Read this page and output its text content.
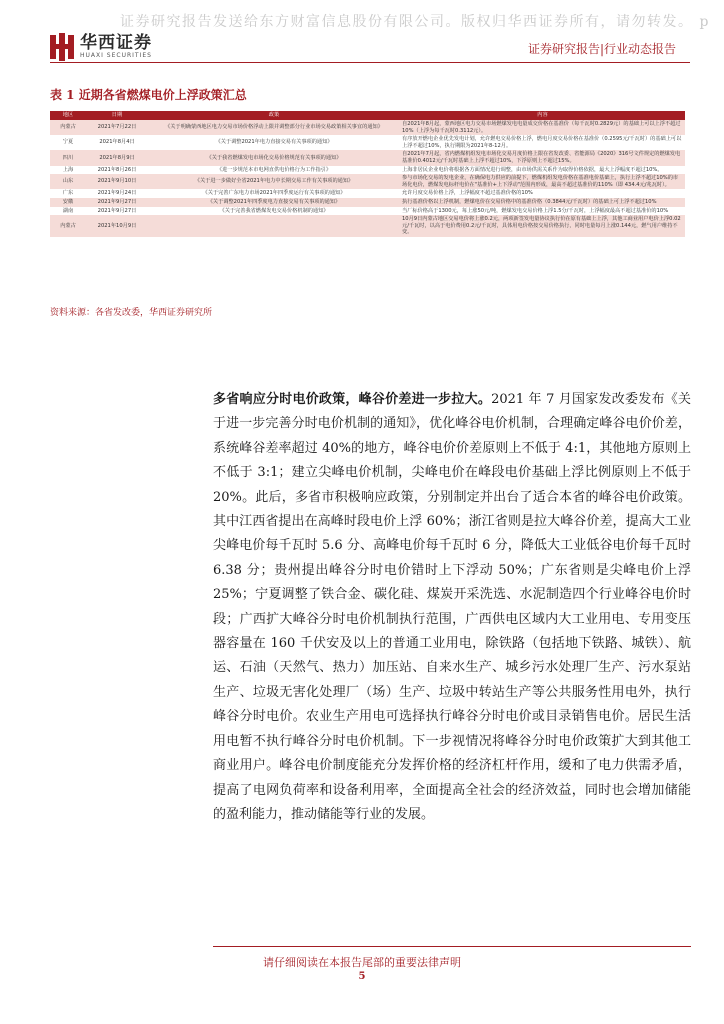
证券研究报告发送给东方财富信息股份有限公司。版权归华西证券所有，请勿转发。 p
华西证券
HUAXI SECURITIES	证券研究报告|行业动态报告
表 1 近期各省燃煤电价上浮政策汇总
地区	日期	政策	内容
内蒙古	2021年7月22日	《关于明确蒙西地区电力交易市场价格浮动上限并调整部分行业市场交易政策相关事宜的通知》	自2021年8月起，蒙西地区电力交易市场燃煤发电电量成交价格在基准价（每千瓦时0.2829元）的基础上可以上浮不超过10%（上浮为每千瓦时0.3112元）。
宁夏	2021年8月4日	《关于调整2021年电力直接交易有关事项的通知》	有序放开燃电企业优先发电计划，允许燃电交易价格上浮，燃电月度交易价格在基准价（0.2595元/千瓦时）的基础上可以上浮不超过10%，执行期限为2021年8-12月。
四川	2021年8月9日	《关于我省燃煤发电市场化交易价格规范有关事项的通知》	自2021年7月起，省内燃煤机组发电市场化交易月度价格上限在省发改委、省能源局《2020》316号文件规定的燃煤发电基准价0.4012元/千瓦时基础上上浮不超过10%，下浮原则上不超过15%。
上海	2021年8月26日	《进一步规范本市电网直供电价格行为工作指引》	上海非居民企业电价将根据各方面情况进行调整，由市场供需关系作为取得价格依据，最大上浮幅度不超过10%。
山东	2021年9月10日	《关于进一步做好全省2021年电力中长期交易工作有关事项的通知》	参与市场化交易的发电企业，在确保电力供应的前提下，燃煤机组发电价格在基准电价基础上，执行上浮不超过10%的市场化电价，燃煤发电标杆电价在"基准价+上下浮动"范围内形成，最高不超过基准价的110%（即 434.4元/兆瓦时）。
广东	2021年9月24日	《关于完善广东电力市场2021年四季度运行有关事项的通知》	允许月度交易价格上浮，上浮幅度不超过基准价格的10%
安徽	2021年9月27日	《关于调整2021年四季度电力直接交易有关事项的通知》	执行基准价格以上浮机制，燃煤电价在交易价格中的基准价格（0.3844元/千瓦时）的基础上可上浮不超过10%
湖南	2021年9月27日	《关于完善我省燃煤发电交易价格机制的通知》	当厂标价格高于1300元，每上涨50元/吨，燃煤发电交易价格上浮1.5分/千瓦时，上浮幅度最高不超过基准价的10%
内蒙古	2021年10月9日		10月9日内蒙古地区交易电价将上涨0.2元，两项新签发电量协议执行价在原有基础上上浮，其他工商业用户电价上浮0.02元/千瓦时，以高于电价费用0.2元/千瓦时，具体用电价格按交易价格执行，同时电量每月上涨0.144元，燃气用户维持不变。
资料来源：各省发改委，华西证券研究所
多省响应分时电价政策，峰谷价差进一步拉大。2021 年 7 月国家发改委发布《关于进一步完善分时电价机制的通知》，优化峰谷电价机制，合理确定峰谷电价价差，系统峰谷差率超过 40%的地方，峰谷电价价差原则上不低于 4:1，其他地方原则上不低于 3:1；建立尖峰电价机制，尖峰电价在峰段电价基础上浮比例原则上不低于 20%。此后，多省市积极响应政策，分别制定并出台了适合本省的峰谷电价政策。其中江西省提出在高峰时段电价上浮 60%；浙江省则是拉大峰谷价差，提高大工业尖峰电价每千瓦时 5.6 分、高峰电价每千瓦时 6 分，降低大工业低谷电价每千瓦时 6.38 分；贵州提出峰谷分时电价错时上下浮动 50%；广东省则是尖峰电价上浮 25%；宁夏调整了铁合金、碳化硅、煤炭开采洗选、水泥制造四个行业峰谷电价时段；广西扩大峰谷分时电价机制执行范围，广西供电区域内大工业用电、专用变压器容量在 160 千伏安及以上的普通工业用电，除铁路（包括地下铁路、城铁）、航运、石油（天然气、热力）加压站、自来水生产、城乡污水处理厂生产、污水泵站生产、垃圾无害化处理厂（场）生产、垃圾中转站生产等公共服务性用电外，执行峰谷分时电价。农业生产用电可选择执行峰谷分时电价或目录销售电价。居民生活用电暂不执行峰谷分时电价机制。下一步视情况将峰谷分时电价政策扩大到其他工商业用户。峰谷电价制度能充分发挥价格的经济杠杆作用，缓和了电力供需矛盾，提高了电网负荷率和设备利用率，全面提高全社会的经济效益，同时也会增加储能的盈利能力，推动储能等行业的发展。
请仔细阅读在本报告尾部的重要法律声明
5
